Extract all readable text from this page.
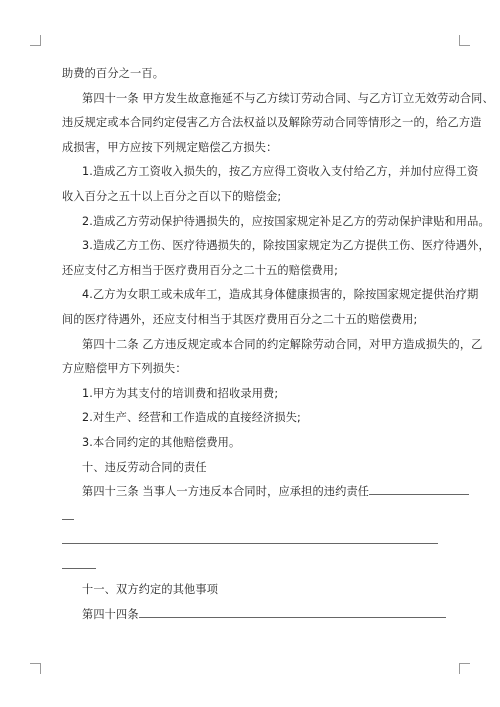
助费的百分之一百。
第四十一条 甲方发生故意拖延不与乙方续订劳动合同、与乙方订立无效劳动合同、
违反规定或本合同约定侵害乙方合法权益以及解除劳动合同等情形之一的，给乙方造
成损害，甲方应按下列规定赔偿乙方损失：
1.造成乙方工资收入损失的，按乙方应得工资收入支付给乙方，并加付应得工资
收入百分之五十以上百分之百以下的赔偿金;
2.造成乙方劳动保护待遇损失的，应按国家规定补足乙方的劳动保护津贴和用品。
3.造成乙方工伤、医疗待遇损失的，除按国家规定为乙方提供工伤、医疗待遇外，
还应支付乙方相当于医疗费用百分之二十五的赔偿费用;
4.乙方为女职工或未成年工，造成其身体健康损害的，除按国家规定提供治疗期
间的医疗待遇外，还应支付相当于其医疗费用百分之二十五的赔偿费用;
第四十二条 乙方违反规定或本合同的约定解除劳动合同，对甲方造成损失的，乙
方应赔偿甲方下列损失：
1.甲方为其支付的培训费和招收录用费;
2.对生产、经营和工作造成的直接经济损失;
3.本合同约定的其他赔偿费用。
十、违反劳动合同的责任
第四十三条 当事人一方违反本合同时，应承担的违约责任
十一、双方约定的其他事项
第四十四条
